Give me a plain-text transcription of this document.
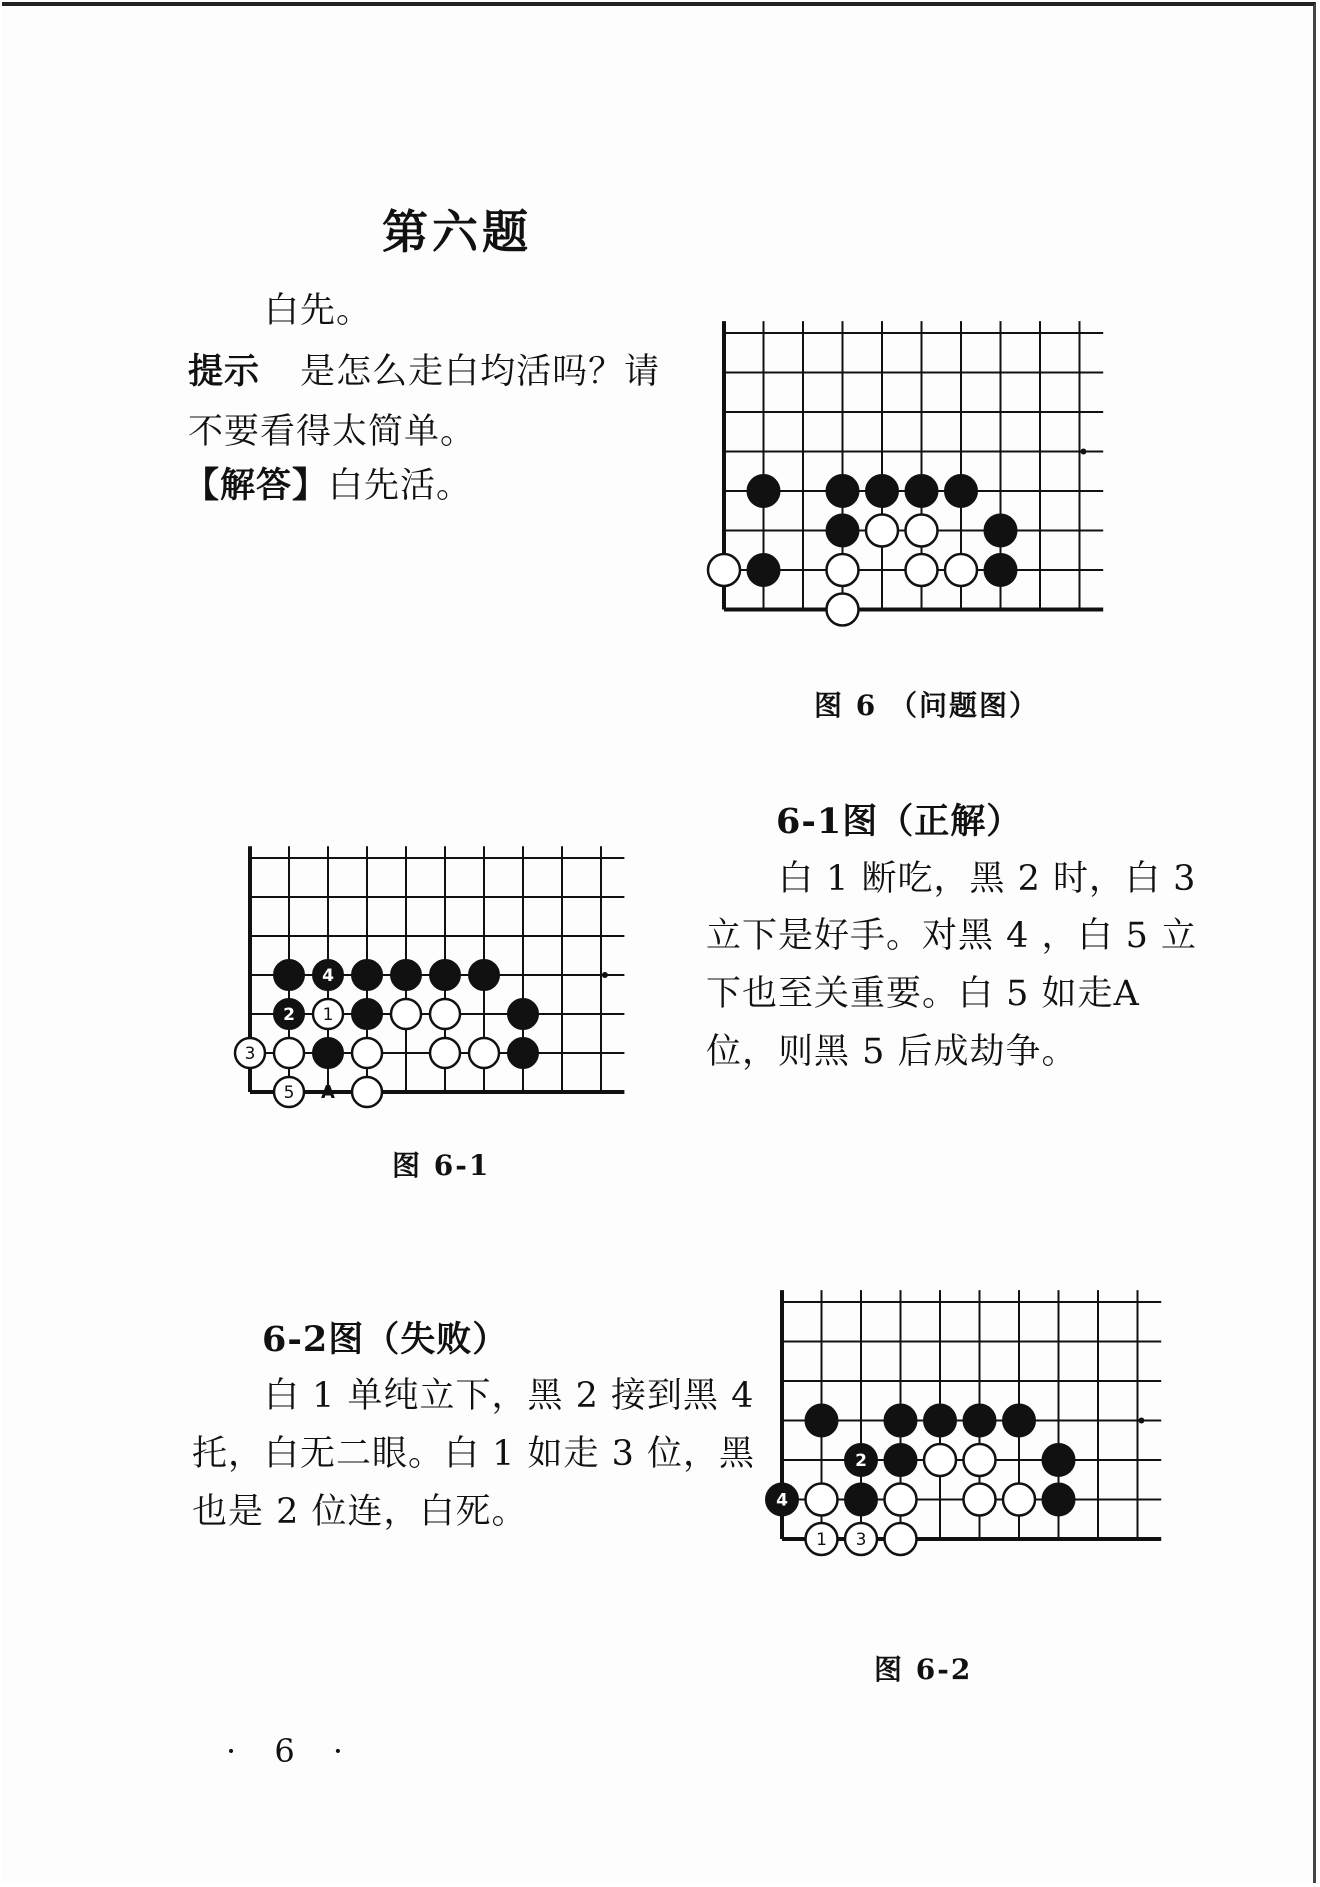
第六题
白先。
提示 是怎么走白均活吗？请
不要看得太简单。
【解答】白先活。
图 6 （问题图）
6-1图（正解）
白 1 断吃，黑 2 时，白 3
立下是好手。对黑 4 ，白 5 立
下也至关重要。白 5 如走A
位，则黑 5 后成劫争。
4
2 1
3
5 A
图 6-1
6-2图（失败）
白 1 单纯立下，黑 2 接到黑 4
托，白无二眼。白 1 如走 3 位，黑
也是 2 位连，白死。
2
4
1 3
图 6-2
· 6 ·
